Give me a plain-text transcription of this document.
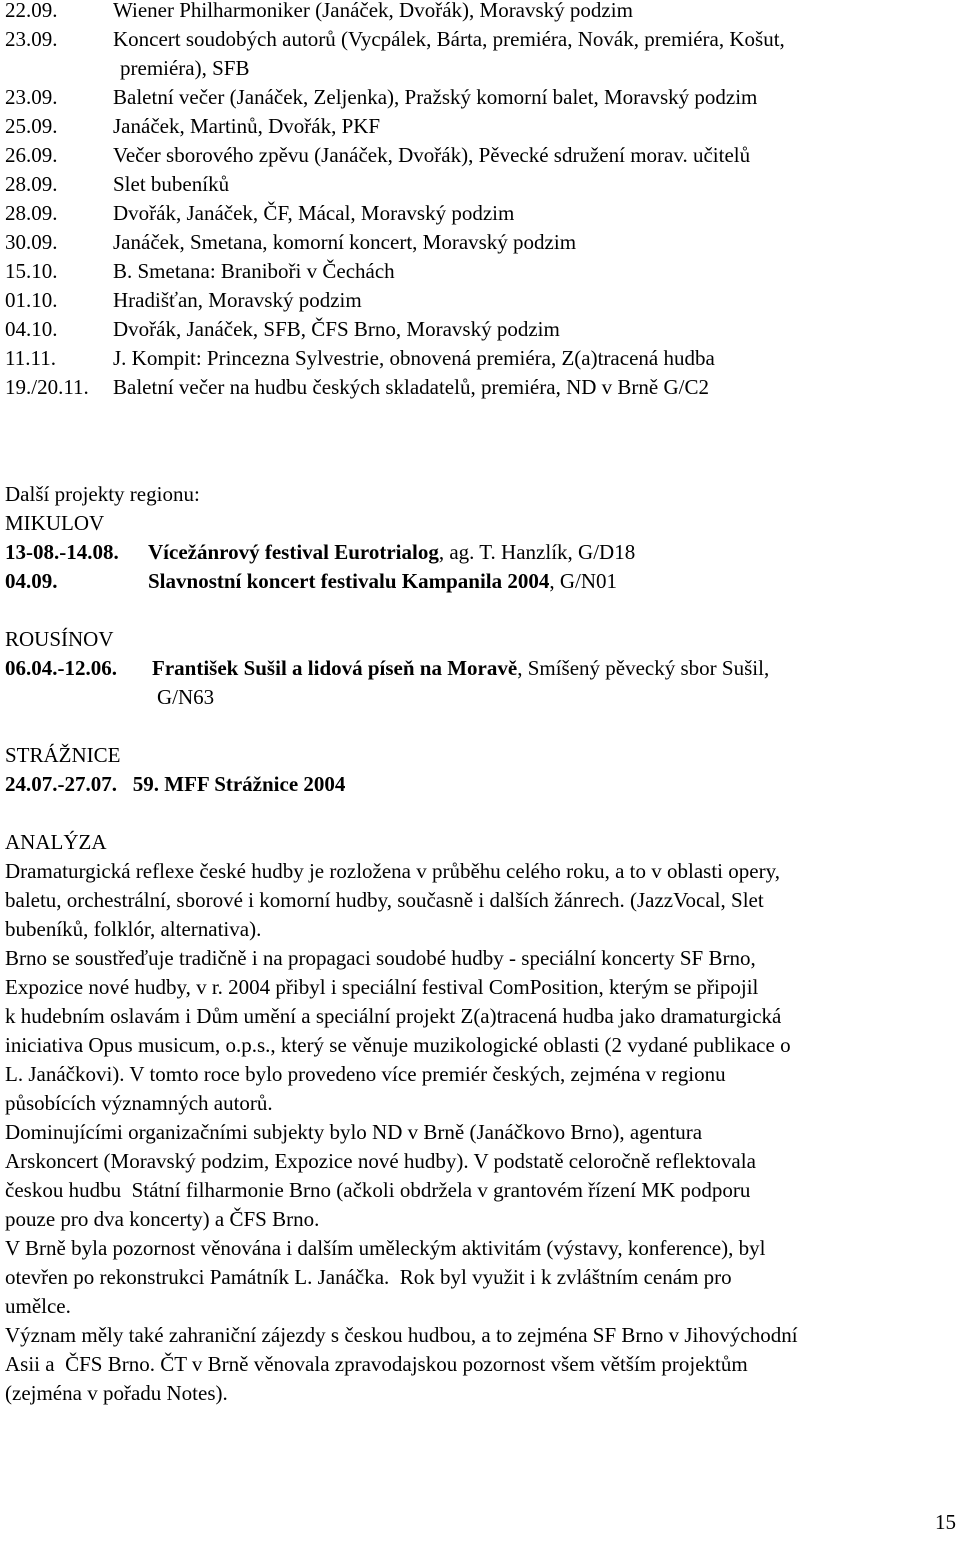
22.09.	Wiener Philharmoniker (Janáček, Dvořák), Moravský podzim
23.09.	Koncert soudobých autorů (Vycpálek, Bárta, premiéra, Novák, premiéra, Košut,
premiéra), SFB
23.09.	Baletní večer (Janáček, Zeljenka), Pražský komorní balet, Moravský podzim
25.09.	Janáček, Martinů, Dvořák, PKF
26.09.	Večer sborového zpěvu (Janáček, Dvořák), Pěvecké sdružení morav. učitelů
28.09.	Slet bubeníků
28.09.	Dvořák, Janáček, ČF, Mácal, Moravský podzim
30.09.	Janáček, Smetana, komorní koncert, Moravský podzim
15.10.	B. Smetana: Braniboři v Čechách
01.10.	Hradišťan, Moravský podzim
04.10.	Dvořák, Janáček, SFB, ČFS Brno, Moravský podzim
11.11.	J. Kompit: Princezna Sylvestrie, obnovená premiéra, Z(a)tracená hudba
19./20.11.	Baletní večer na hudbu českých skladatelů, premiéra, ND v Brně G/C2
Další projekty regionu:
MIKULOV
13-08.-14.08.	Vícežánrový festival Eurotrialog, ag. T. Hanzlík, G/D18
04.09.	Slavnostní koncert festivalu Kampanila 2004, G/N01
ROUSÍNOV
06.04.-12.06.	František Sušil a lidová píseň na Moravě, Smíšený pěvecký sbor Sušil,
G/N63
STRÁŽNICE
24.07.-27.07.   59. MFF Strážnice 2004
ANALÝZA
Dramaturgická reflexe české hudby je rozložena v průběhu celého roku, a to v oblasti opery,
baletu, orchestrální, sborové i komorní hudby, současně i dalších žánrech. (JazzVocal, Slet
bubeníků, folklór, alternativa).
Brno se soustřeďuje tradičně i na propagaci soudobé hudby - speciální koncerty SF Brno,
Expozice nové hudby, v r. 2004 přibyl i speciální festival ComPosition, kterým se připojil
k hudebním oslavám i Dům umění a speciální projekt Z(a)tracená hudba jako dramaturgická
iniciativa Opus musicum, o.p.s., který se věnuje muzikologické oblasti (2 vydané publikace o
L. Janáčkovi). V tomto roce bylo provedeno více premiér českých, zejména v regionu
působících významných autorů.
Dominujícími organizačními subjekty bylo ND v Brně (Janáčkovo Brno), agentura
Arskoncert (Moravský podzim, Expozice nové hudby). V podstatě celoročně reflektovala
českou hudbu  Státní filharmonie Brno (ačkoli obdržela v grantovém řízení MK podporu
pouze pro dva koncerty) a ČFS Brno.
V Brně byla pozornost věnována i dalším uměleckým aktivitám (výstavy, konference), byl
otevřen po rekonstrukci Památník L. Janáčka.  Rok byl využit i k zvláštním cenám pro
umělce.
Význam měly také zahraniční zájezdy s českou hudbou, a to zejména SF Brno v Jihovýchodní
Asii a  ČFS Brno. ČT v Brně věnovala zpravodajskou pozornost všem větším projektům
(zejména v pořadu Notes).
15
